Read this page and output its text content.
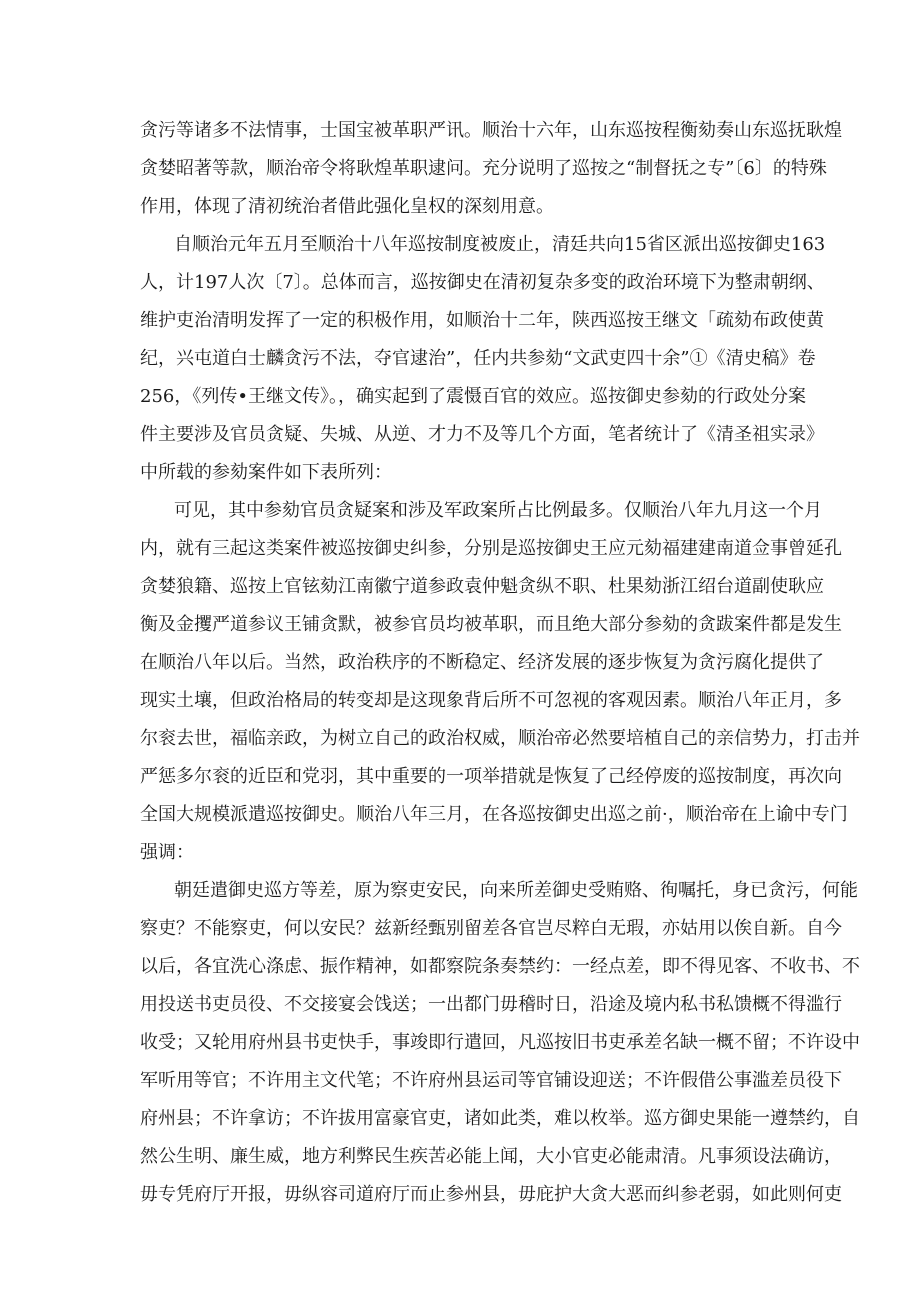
贪污等诸多不法情事，士国宝被革职严讯。顺治十六年，山东巡按程衡劾奏山东巡抚耿煌
贪婪昭著等款，顺治帝令将耿煌革职逮问。充分说明了巡按之“制督抚之专”〔6〕的特殊
作用，体现了清初统治者借此强化皇权的深刻用意。
自顺治元年五月至顺治十八年巡按制度被废止，清廷共向15省区派出巡按御史163
人，计197人次〔7〕。总体而言，巡按御史在清初复杂多变的政治环境下为整肃朝纲、
维护吏治清明发挥了一定的积极作用，如顺治十二年，陕西巡按王继文「疏劾布政使黄
纪，兴屯道白士麟贪污不法，夺官逮治”，任内共参劾“文武吏四十余”①《清史稿》卷
256，《列传•王继文传》。，确实起到了震慑百官的效应。巡按御史参劾的行政处分案
件主要涉及官员贪疑、失城、从逆、才力不及等几个方面，笔者统计了《清圣祖实录》
中所载的参劾案件如下表所列：
可见，其中参劾官员贪疑案和涉及军政案所占比例最多。仅顺治八年九月这一个月
内，就有三起这类案件被巡按御史纠参，分别是巡按御史王应元劾福建建南道佥事曾延孔
贪婪狼籍、巡按上官铉劾江南徽宁道参政袁仲魁贪纵不职、杜果劾浙江绍台道副使耿应
衡及金攫严道参议王铺贪默，被参官员均被革职，而且绝大部分参劾的贪跋案件都是发生
在顺治八年以后。当然，政治秩序的不断稳定、经济发展的逐步恢复为贪污腐化提供了
现实土壤，但政治格局的转变却是这现象背后所不可忽视的客观因素。顺治八年正月，多
尔衮去世，福临亲政，为树立自己的政治权威，顺治帝必然要培植自己的亲信势力，打击并
严惩多尔衮的近臣和党羽，其中重要的一项举措就是恢复了己经停废的巡按制度，再次向
全国大规模派遣巡按御史。顺治八年三月，在各巡按御史出巡之前·，顺治帝在上谕中专门
强调：
朝廷遣御史巡方等差，原为察吏安民，向来所差御史受贿赂、徇嘱托，身已贪污，何能
察吏？不能察吏，何以安民？兹新经甄别留差各官岂尽粹白无瑕，亦姑用以俟自新。自今
以后，各宜洗心涤虑、振作精神，如都察院条奏禁约：一经点差，即不得见客、不收书、不
用投送书吏员役、不交接宴会饯送；一出都门毋稽时日，沿途及境内私书私馈概不得滥行
收受；又轮用府州县书吏快手，事竣即行遣回，凡巡按旧书吏承差名缺一概不留；不许设中
军听用等官；不许用主文代笔；不许府州县运司等官铺设迎送；不许假借公事滥差员役下
府州县；不许拿访；不许拔用富豪官吏，诸如此类，难以枚举。巡方御史果能一遵禁约，自
然公生明、廉生威，地方利弊民生疾苦必能上闻，大小官吏必能肃清。凡事须设法确访，
毋专凭府厅开报，毋纵容司道府厅而止参州县，毋庇护大贪大恶而纠参老弱，如此则何吏
